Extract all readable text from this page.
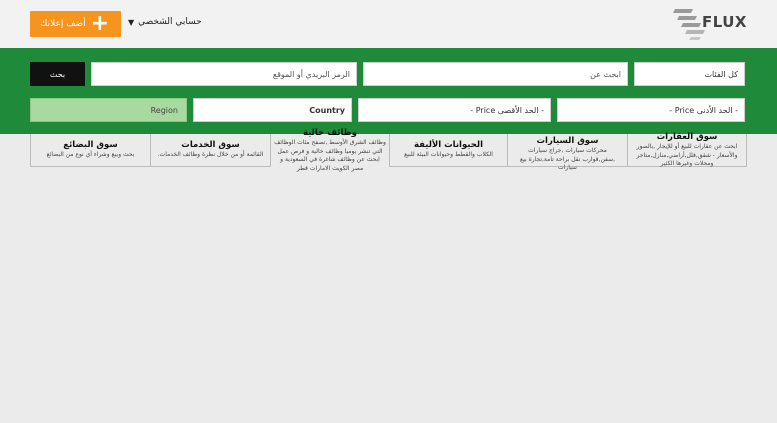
أضف إعلانك +	حسابي الشخصي
▼	FLUX
كل الفئات
ابحث عن
الرمز البريدي أو الموقع
بحث
- الحد الأدنى Price -
- الحد الأقصى Price -
Country
Region
سوق العقارات
ابحث عن عقارات للبيع أو للإيجار ,بالصور والأسعار - شقق,فلل,أراضي,منازل,متاجر ومحلات وغيرها الكثير
سوق السيارات
محركات سيارات ,جراج سيارات ,سفن,قوارب نقل براحة تامة,تجارة بيع سيارات
الحيوانات الأليفة
الكلاب والقطط وحيوانات البيئة للبيع
وظائف خالية
وظائف الشرق الأوسط ,تصفح مئات الوظائف التي تنشر يوميا وظائف خالية و فرص عمل ابحث عن وظائف شاغرة في السعودية و مصر الكويت الامارات قطر
سوق الخدمات
القائمة أو من خلال نظرة وظائف الخدمات.
سوق البضائع
بحث وبيع وشراء أي نوع من البضائع
